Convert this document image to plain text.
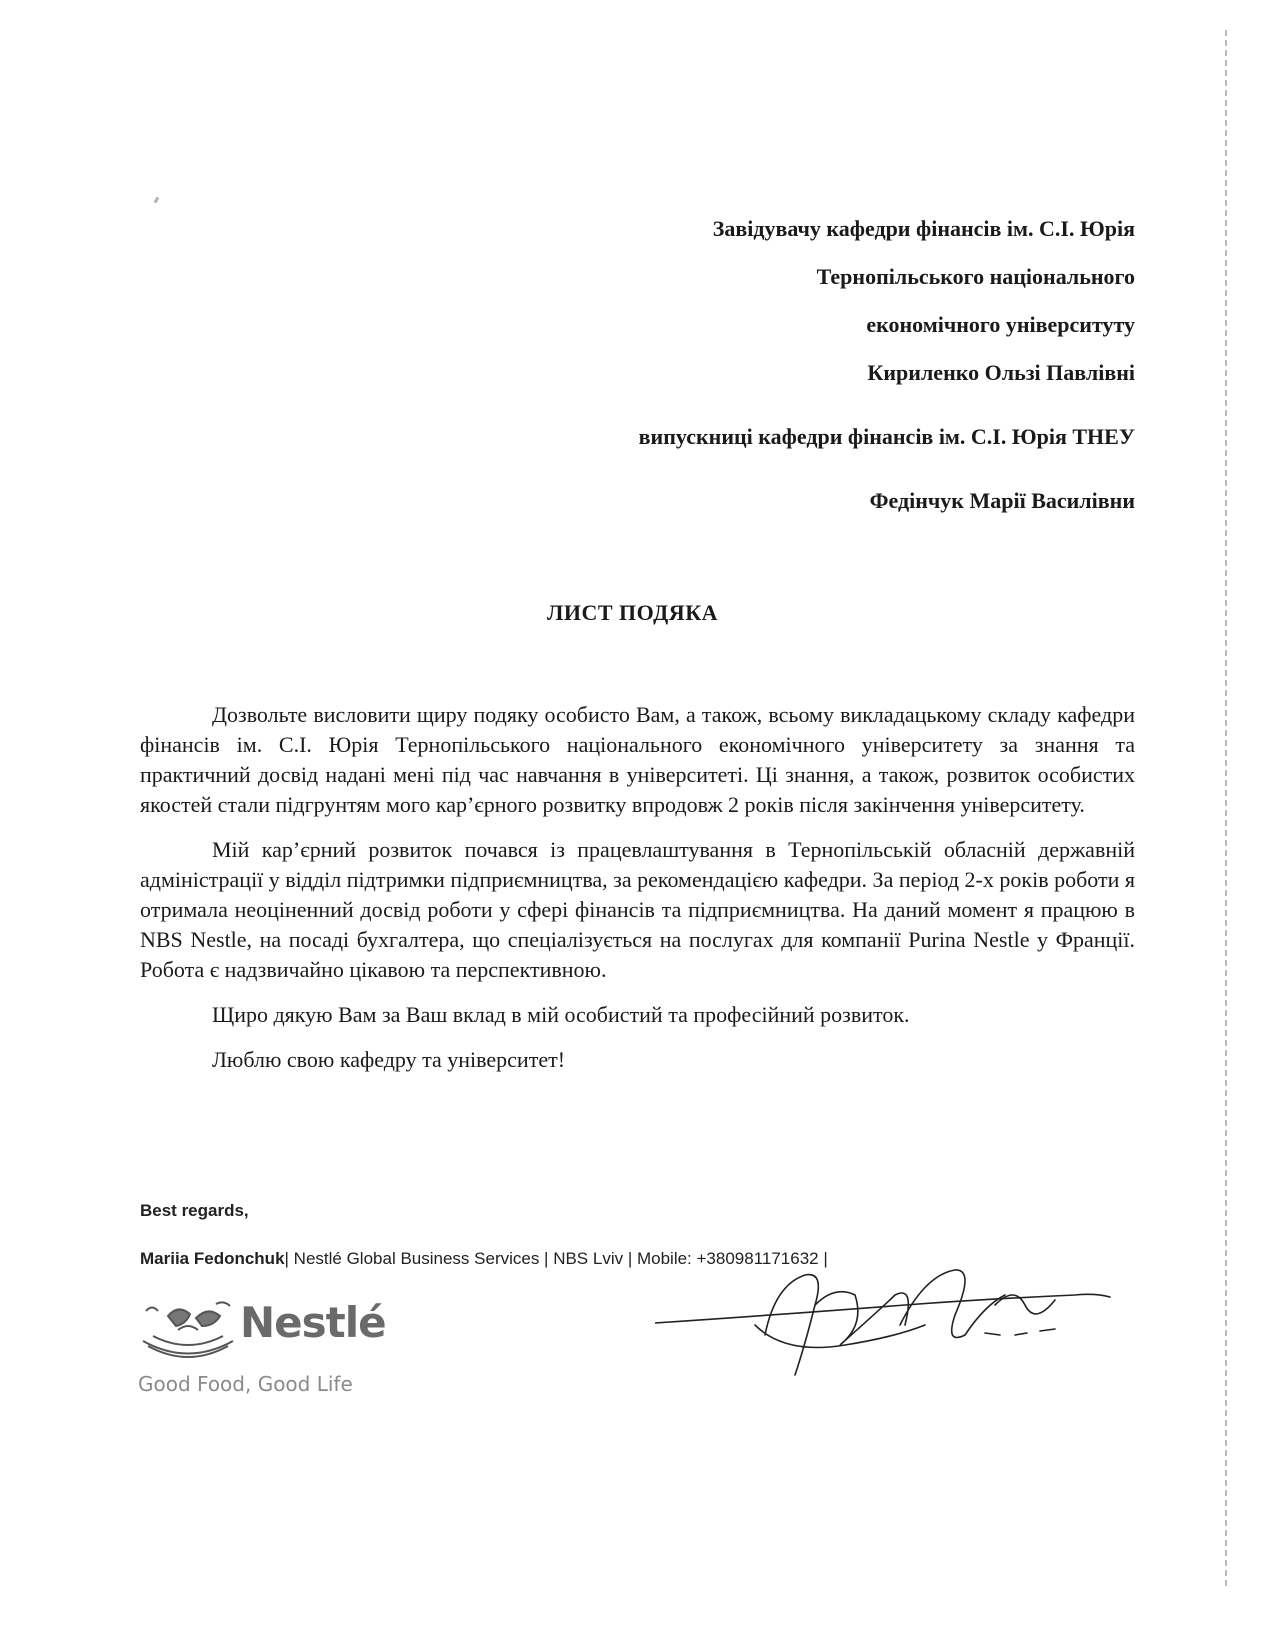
Завідувачу кафедри фінансів ім. С.І. Юрія
Тернопільського національного
економічного університуту
Кириленко Ользі Павлівні
випускниці кафедри фінансів ім. С.І. Юрія ТНЕУ
Федінчук Марії Василівни
ЛИСТ ПОДЯКА

Дозвольте висловити щиру подяку особисто Вам, а також, всьому викладацькому складу кафедри фінансів ім. С.І. Юрія Тернопільського національного економічного університету за знання та практичний досвід надані мені під час навчання в університеті. Ці знання, а також, розвиток особистих якостей стали підгрунтям мого кар’єрного розвитку впродовж 2 років після закінчення університету.

Мій кар’єрний розвиток почався із працевлаштування в Тернопільській обласній державній адміністрації у відділ підтримки підприємництва, за рекомендацією кафедри. За період 2-х років роботи я отримала неоціненний досвід роботи у сфері фінансів та підприємництва. На даний момент я працюю в NBS Nestle, на посаді бухгалтера, що спеціалізується на послугах для компанії Purina Nestle у Франції. Робота є надзвичайно цікавою та перспективною.

Щиро дякую Вам за Ваш вклад в мій особистий та професійний розвиток.

Люблю свою кафедру та університет!

Best regards,
Mariia Fedonchuk| Nestlé Global Business Services | NBS Lviv | Mobile: +380981171632 |
Nestlé
Good Food, Good Life
